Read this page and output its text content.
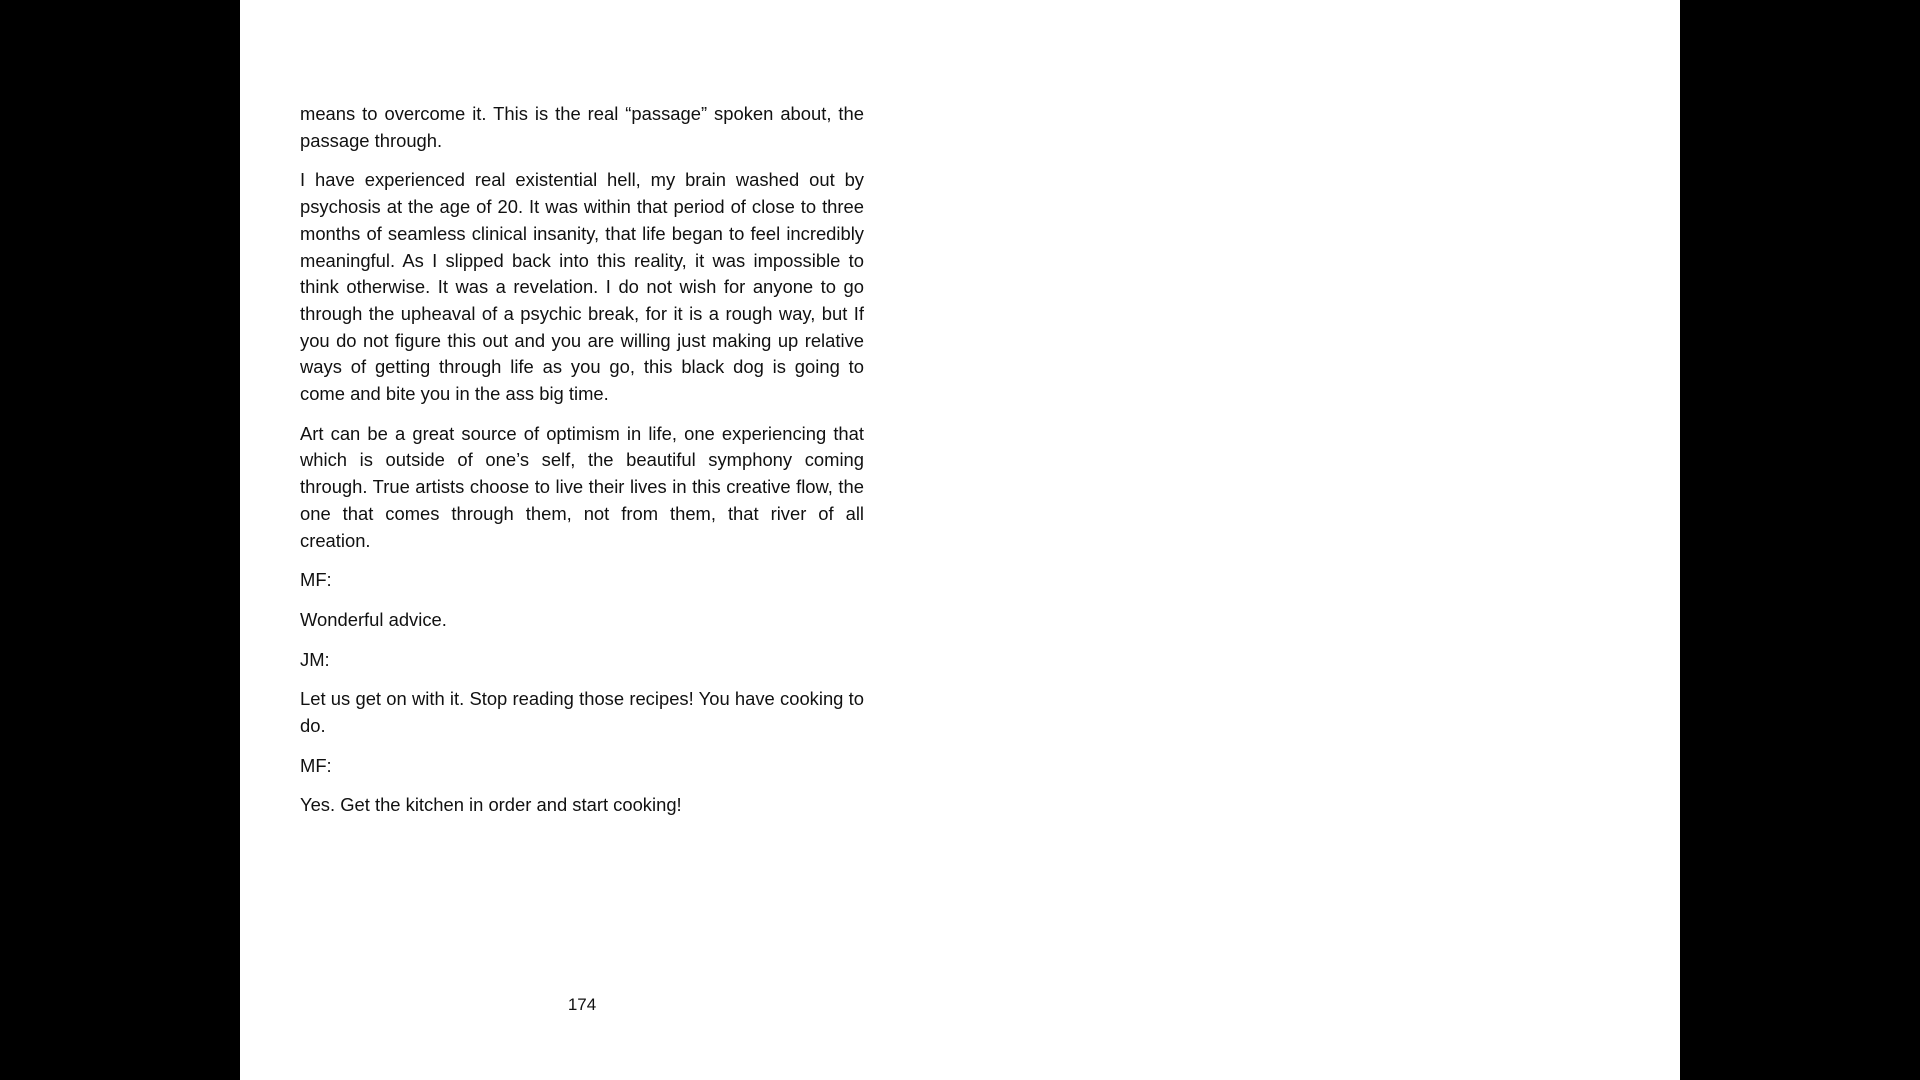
means to overcome it. This is the real “passage” spoken about, the passage through.

I have experienced real existential hell, my brain washed out by psychosis at the age of 20. It was within that period of close to three months of seamless clinical insanity, that life began to feel incredibly meaningful. As I slipped back into this reality, it was impossible to think otherwise. It was a revelation. I do not wish for anyone to go through the upheaval of a psychic break, for it is a rough way, but If you do not figure this out and you are willing just making up relative ways of getting through life as you go, this black dog is going to come and bite you in the ass big time.

Art can be a great source of optimism in life, one experiencing that which is outside of one’s self, the beautiful symphony coming through. True artists choose to live their lives in this creative flow, the one that comes through them, not from them, that river of all creation.

MF:

Wonderful advice.

JM:

Let us get on with it. Stop reading those recipes! You have cooking to do.

MF:

Yes. Get the kitchen in order and start cooking!

174
